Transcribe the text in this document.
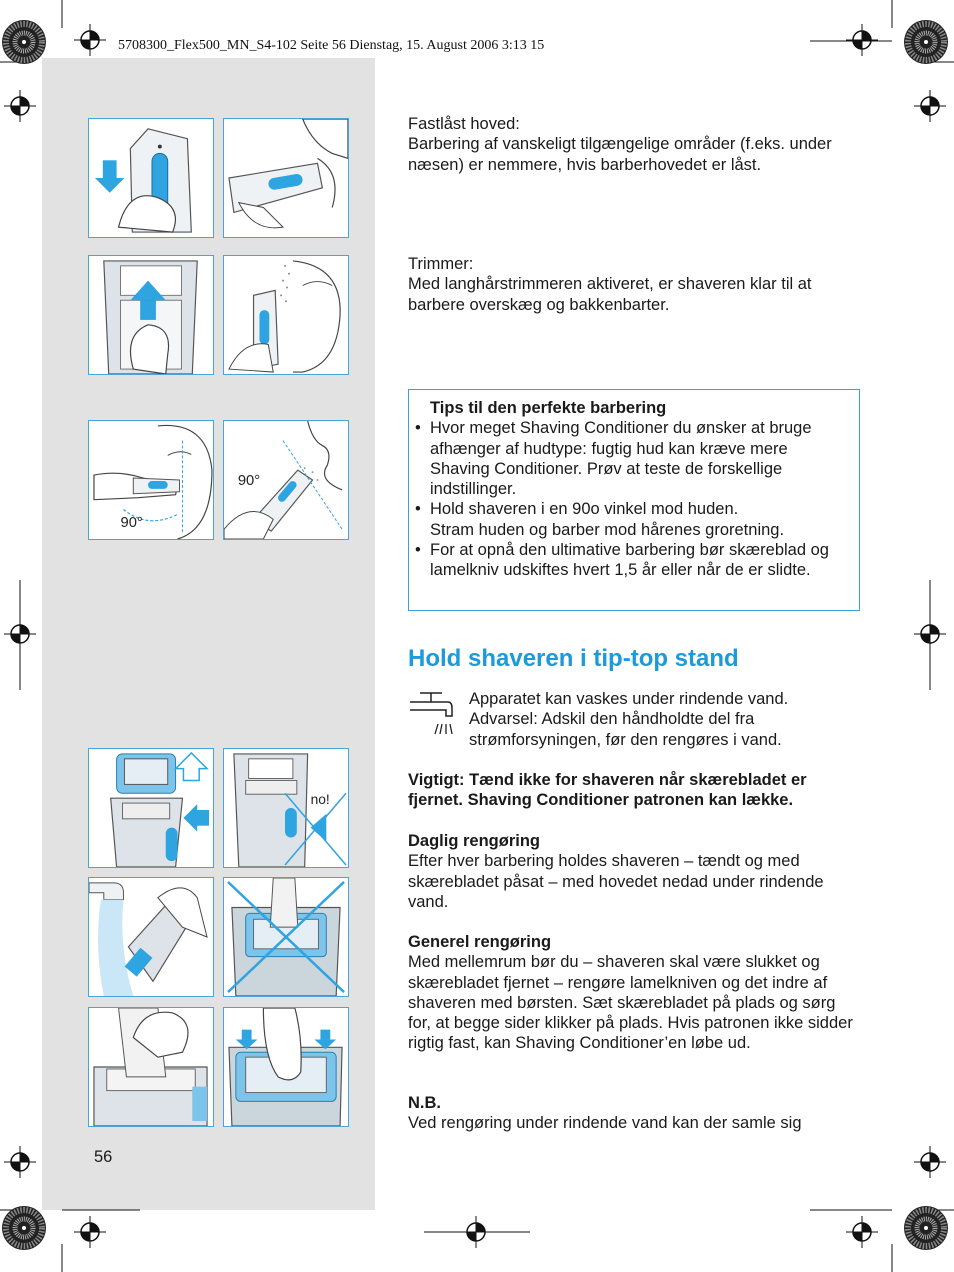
5708300_Flex500_MN_S4-102 Seite 56 Dienstag, 15. August 2006 3:13 15
90°
90°
no!

Fastlåst hoved:

Barbering af vanskeligt tilgængelige områder (f.eks. under næsen) er nemmere, hvis barberhovedet er låst.

Trimmer:

Med langhårstrimmeren aktiveret, er shaveren klar til at barbere overskæg og bakkenbarter.

Tips til den perfekte barbering
• Hvor meget Shaving Conditioner du ønsker at bruge afhænger af hudtype: fugtig hud kan kræve mere Shaving Conditioner. Prøv at teste de forskellige indstillinger.
• Hold shaveren i en 90o vinkel mod huden.
Stram huden og barber mod hårenes groretning.
• For at opnå den ultimative barbering bør skæreblad og lamelkniv udskiftes hvert 1,5 år eller når de er slidte.
Hold shaveren i tip-top stand
Apparatet kan vaskes under rindende vand. Advarsel: Adskil den håndholdte del fra strømforsyningen, før den rengøres i vand.
Vigtigt: Tænd ikke for shaveren når skærebladet er fjernet. Shaving Conditioner patronen kan lække.

Daglig rengøring

Efter hver barbering holdes shaveren – tændt og med skærebladet påsat – med hovedet nedad under rindende vand.

Generel rengøring

Med mellemrum bør du – shaveren skal være slukket og skærebladet fjernet – rengøre lamelkniven og det indre af shaveren med børsten. Sæt skærebladet på plads og sørg for, at begge sider klikker på plads. Hvis patronen ikke sidder rigtig fast, kan Shaving Conditioner’en løbe ud.

N.B.

Ved rengøring under rindende vand kan der samle sig

56
